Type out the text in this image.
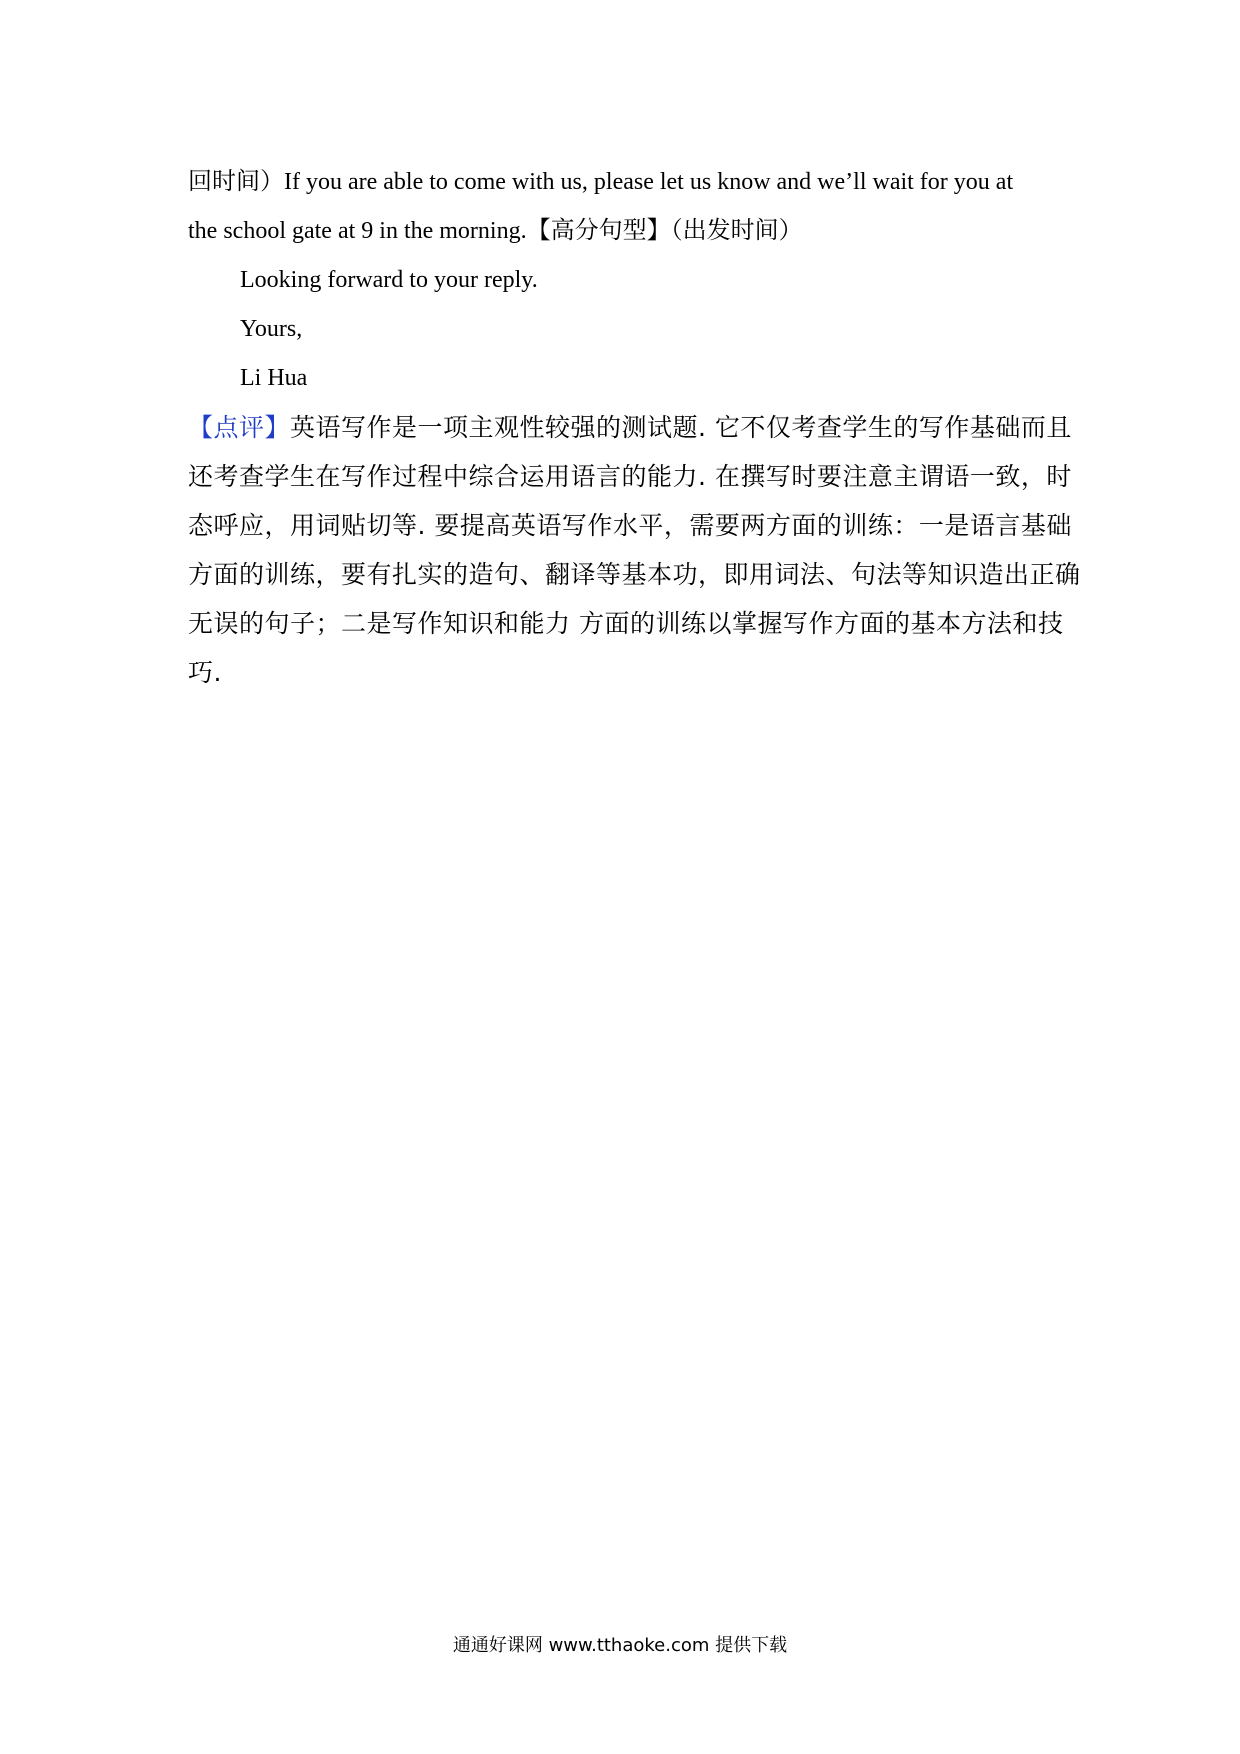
回时间）If you are able to come with us, please let us know and we’ll wait for you at
the school gate at 9 in the morning.【高分句型】（出发时间）
Looking forward to your reply.
Yours,
Li Hua
【点评】英语写作是一项主观性较强的测试题. 它不仅考查学生的写作基础而且
还考查学生在写作过程中综合运用语言的能力. 在撰写时要注意主谓语一致，时
态呼应，用词贴切等. 要提高英语写作水平，需要两方面的训练：一是语言基础
方面的训练，要有扎实的造句、翻译等基本功，即用词法、句法等知识造出正确
无误的句子；二是写作知识和能力 方面的训练以掌握写作方面的基本方法和技
巧.
通通好课网 www.tthaoke.com 提供下载
